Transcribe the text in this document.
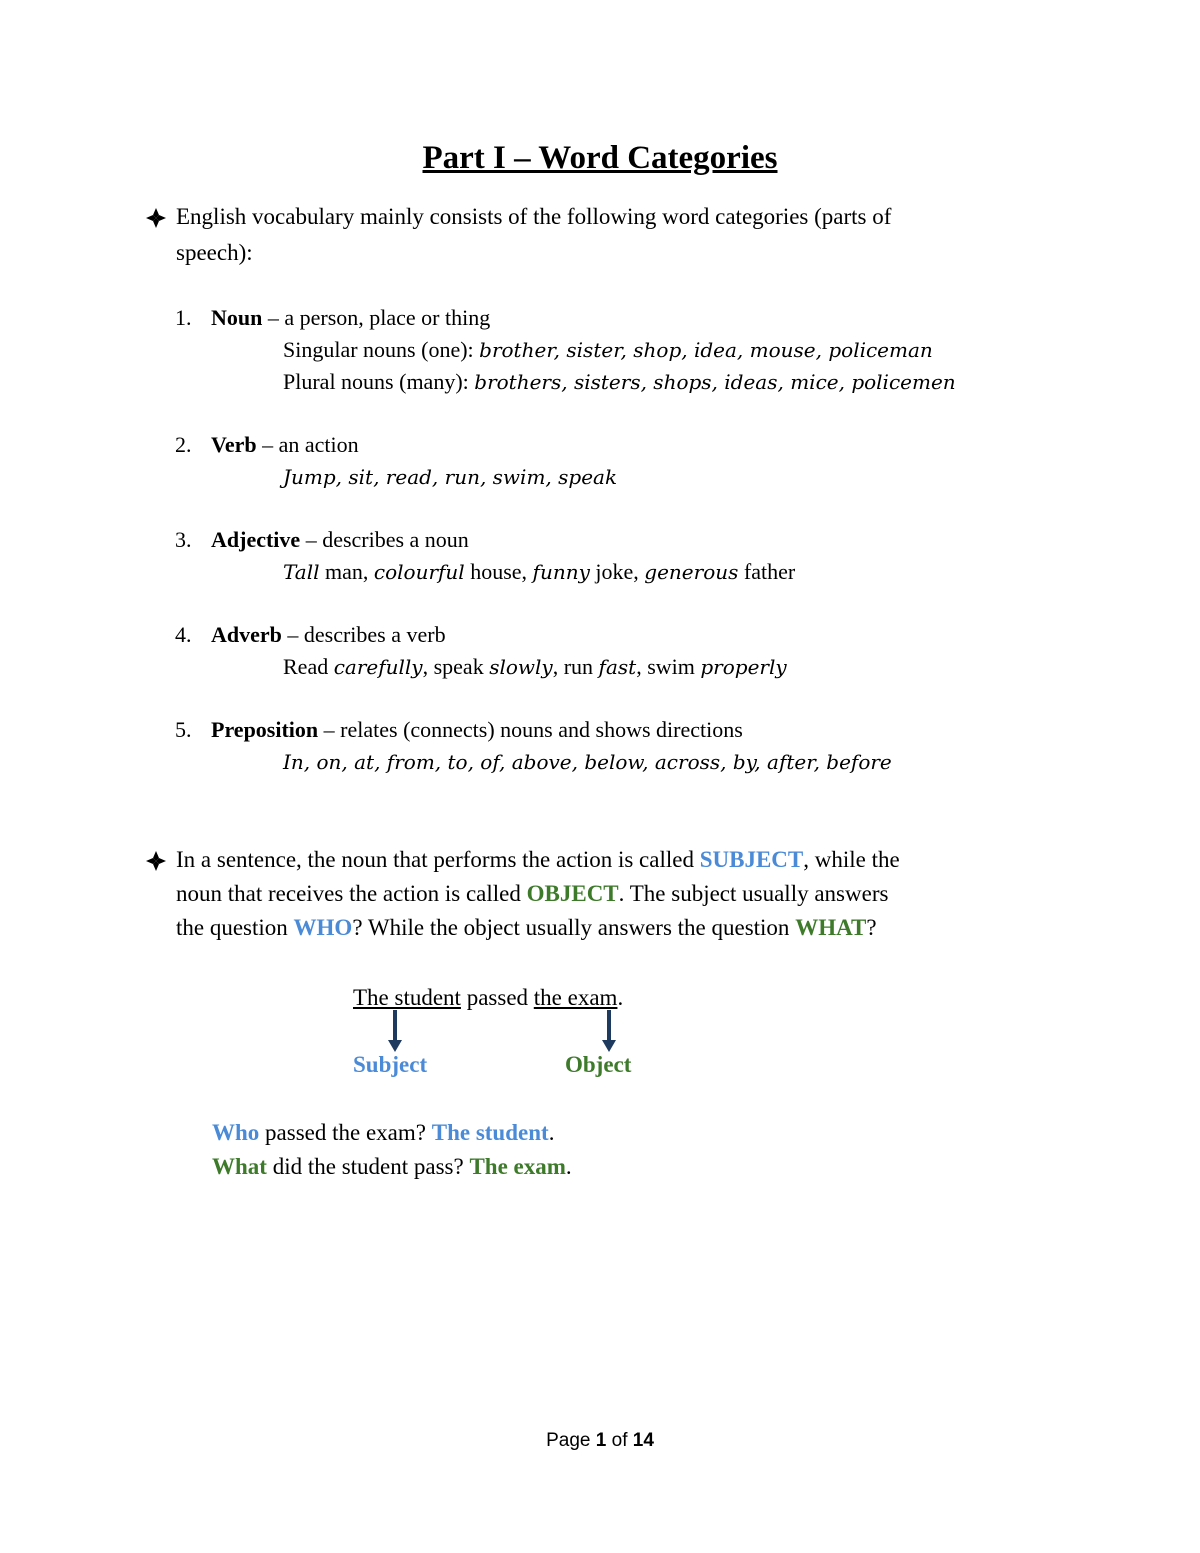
Part I – Word Categories
English vocabulary mainly consists of the following word categories (parts of
speech):
1. Noun – a person, place or thing
Singular nouns (one): brother, sister, shop, idea, mouse, policeman
Plural nouns (many): brothers, sisters, shops, ideas, mice, policemen
2. Verb – an action
Jump, sit, read, run, swim, speak
3. Adjective – describes a noun
Tall man, colourful house, funny joke, generous father
4. Adverb – describes a verb
Read carefully, speak slowly, run fast, swim properly
5. Preposition – relates (connects) nouns and shows directions
In, on, at, from, to, of, above, below, across, by, after, before
In a sentence, the noun that performs the action is called SUBJECT, while the
noun that receives the action is called OBJECT. The subject usually answers
the question WHO? While the object usually answers the question WHAT?
The student passed the exam.
Subject	Object
Who passed the exam? The student.
What did the student pass? The exam.
Page 1 of 14
